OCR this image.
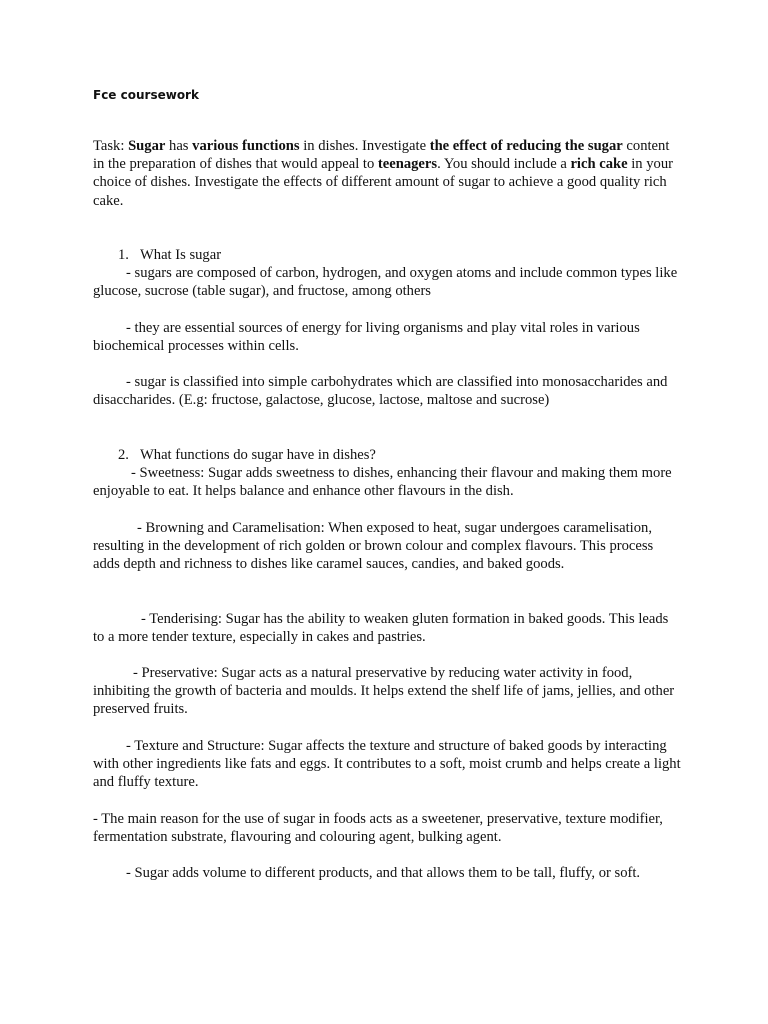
Fce coursework

Task: Sugar has various functions in dishes. Investigate the effect of reducing the sugar content in the preparation of dishes that would appeal to teenagers. You should include a rich cake in your choice of dishes. Investigate the effects of different amount of sugar to achieve a good quality rich cake.

1. What Is sugar

- sugars are composed of carbon, hydrogen, and oxygen atoms and include common types like glucose, sucrose (table sugar), and fructose, among others

- they are essential sources of energy for living organisms and play vital roles in various biochemical processes within cells.

- sugar is classified into simple carbohydrates which are classified into monosaccharides and disaccharides. (E.g: fructose, galactose, glucose, lactose, maltose and sucrose)

2. What functions do sugar have in dishes?

- Sweetness: Sugar adds sweetness to dishes, enhancing their flavour and making them more enjoyable to eat. It helps balance and enhance other flavours in the dish.

- Browning and Caramelisation: When exposed to heat, sugar undergoes caramelisation, resulting in the development of rich golden or brown colour and complex flavours. This process adds depth and richness to dishes like caramel sauces, candies, and baked goods.

- Tenderising: Sugar has the ability to weaken gluten formation in baked goods. This leads to a more tender texture, especially in cakes and pastries.

- Preservative: Sugar acts as a natural preservative by reducing water activity in food, inhibiting the growth of bacteria and moulds. It helps extend the shelf life of jams, jellies, and other preserved fruits.

- Texture and Structure: Sugar affects the texture and structure of baked goods by interacting with other ingredients like fats and eggs. It contributes to a soft, moist crumb and helps create a light and fluffy texture.

- The main reason for the use of sugar in foods acts as a sweetener, preservative, texture modifier, fermentation substrate, flavouring and colouring agent, bulking agent.

- Sugar adds volume to different products, and that allows them to be tall, fluffy, or soft.
